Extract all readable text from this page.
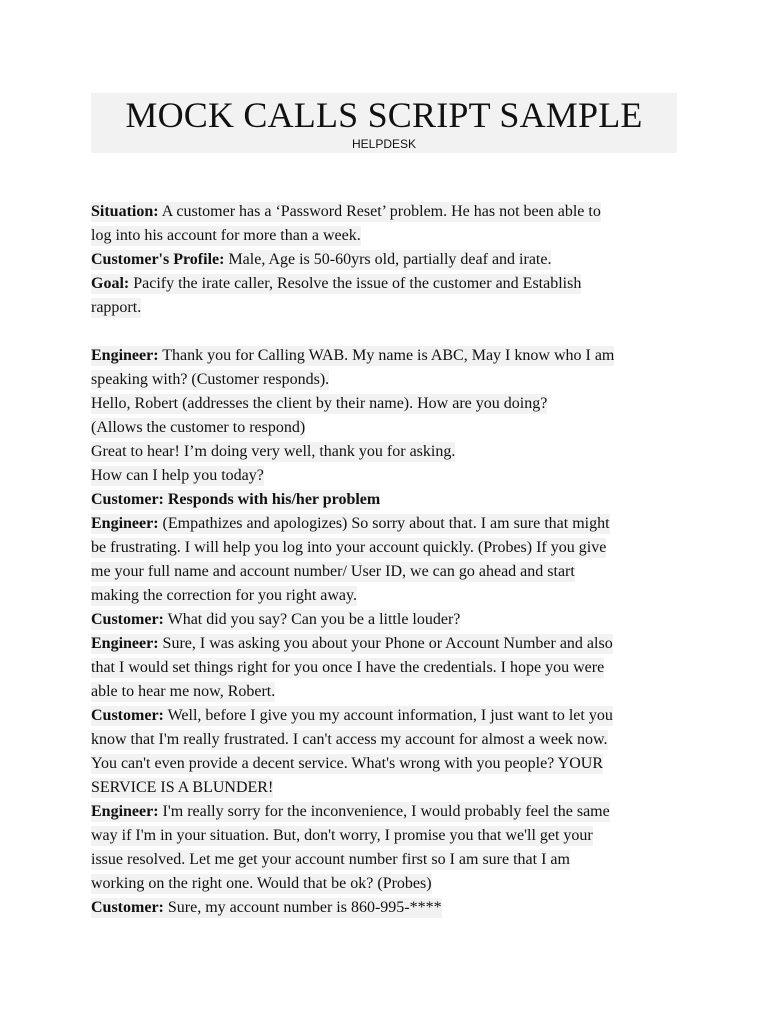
MOCK CALLS SCRIPT SAMPLE
HELPDESK
Situation: A customer has a ‘Password Reset’ problem. He has not been able to
log into his account for more than a week.
Customer's Profile: Male, Age is 50-60yrs old, partially deaf and irate.
Goal: Pacify the irate caller, Resolve the issue of the customer and Establish
rapport.
Engineer: Thank you for Calling WAB. My name is ABC, May I know who I am
speaking with? (Customer responds).
Hello, Robert (addresses the client by their name). How are you doing?
(Allows the customer to respond)
Great to hear! I’m doing very well, thank you for asking.
How can I help you today?
Customer: Responds with his/her problem
Engineer: (Empathizes and apologizes) So sorry about that. I am sure that might
be frustrating. I will help you log into your account quickly. (Probes) If you give
me your full name and account number/ User ID, we can go ahead and start
making the correction for you right away.
Customer: What did you say? Can you be a little louder?
Engineer: Sure, I was asking you about your Phone or Account Number and also
that I would set things right for you once I have the credentials. I hope you were
able to hear me now, Robert.
Customer: Well, before I give you my account information, I just want to let you
know that I'm really frustrated. I can't access my account for almost a week now.
You can't even provide a decent service. What's wrong with you people? YOUR
SERVICE IS A BLUNDER!
Engineer: I'm really sorry for the inconvenience, I would probably feel the same
way if I'm in your situation. But, don't worry, I promise you that we'll get your
issue resolved. Let me get your account number first so I am sure that I am
working on the right one. Would that be ok? (Probes)
Customer: Sure, my account number is 860-995-****
